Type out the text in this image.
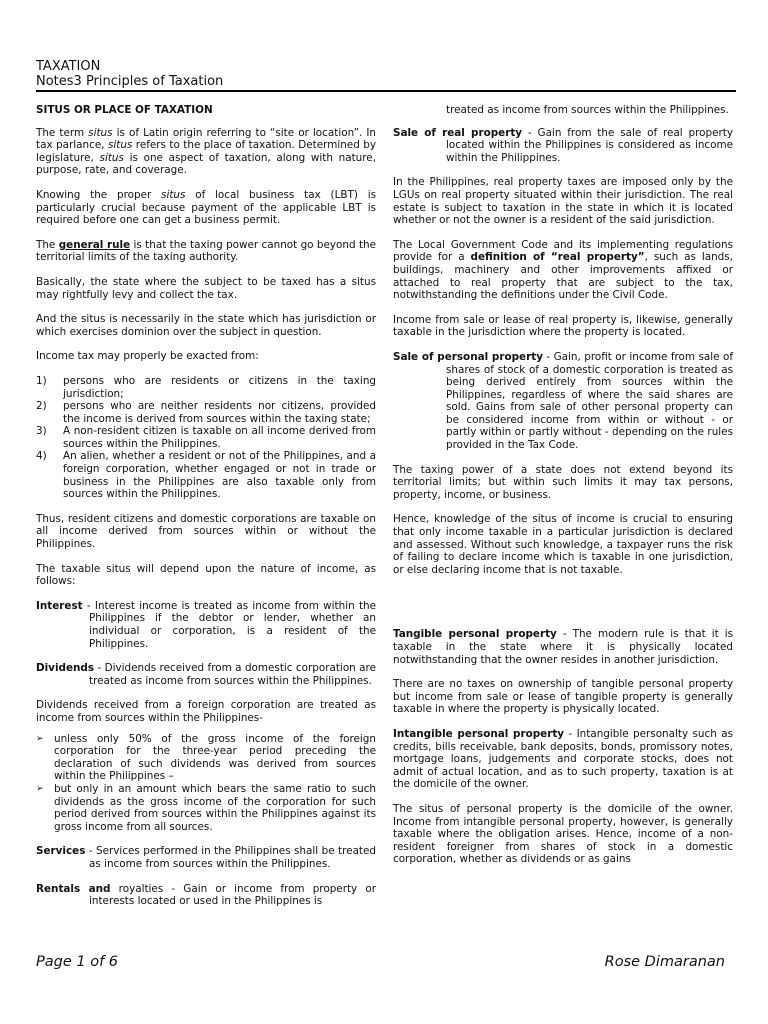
TAXATION
Notes3 Principles of Taxation

SITUS OR PLACE OF TAXATION

The term situs is of Latin origin referring to “site or location”. In tax parlance, situs refers to the place of taxation. Determined by legislature, situs is one aspect of taxation, along with nature, purpose, rate, and coverage.

Knowing the proper situs of local business tax (LBT) is particularly crucial because payment of the applicable LBT is required before one can get a business permit.

The general rule is that the taxing power cannot go beyond the territorial limits of the taxing authority.

Basically, the state where the subject to be taxed has a situs may rightfully levy and collect the tax.

And the situs is necessarily in the state which has jurisdiction or which exercises dominion over the subject in question.

Income tax may properly be exacted from:

1)	persons who are residents or citizens in the taxing jurisdiction;
2)	persons who are neither residents nor citizens, provided the income is derived from sources within the taxing state;
3)	A non-resident citizen is taxable on all income derived from sources within the Philippines.
4)	An alien, whether a resident or not of the Philippines, and a foreign corporation, whether engaged or not in trade or business in the Philippines are also taxable only from sources within the Philippines.

Thus, resident citizens and domestic corporations are taxable on all income derived from sources within or without the Philippines.

The taxable situs will depend upon the nature of income, as follows:

Interest - Interest income is treated as income from within the Philippines if the debtor or lender, whether an individual or corporation, is a resident of the Philippines.

Dividends - Dividends received from a domestic corporation are treated as income from sources within the Philippines.

Dividends received from a foreign corporation are treated as income from sources within the Philippines-

➢	unless only 50% of the gross income of the foreign corporation for the three-year period preceding the declaration of such dividends was derived from sources within the Philippines –
➢	but only in an amount which bears the same ratio to such dividends as the gross income of the corporation for such period derived from sources within the Philippines against its gross income from all sources.

Services - Services performed in the Philippines shall be treated as income from sources within the Philippines.

Rentals and royalties - Gain or income from property or interests located or used in the Philippines is

treated as income from sources within the Philippines.

Sale of real property - Gain from the sale of real property located within the Philippines is considered as income within the Philippines.

In the Philippines, real property taxes are imposed only by the LGUs on real property situated within their jurisdiction. The real estate is subject to taxation in the state in which it is located whether or not the owner is a resident of the said jurisdiction.

The Local Government Code and its implementing regulations provide for a definition of “real property”, such as lands, buildings, machinery and other improvements affixed or attached to real property that are subject to the tax, notwithstanding the definitions under the Civil Code.

Income from sale or lease of real property is, likewise, generally taxable in the jurisdiction where the property is located.

Sale of personal property - Gain, profit or income from sale of shares of stock of a domestic corporation is treated as being derived entirely from sources within the Philippines, regardless of where the said shares are sold. Gains from sale of other personal property can be considered income from within or without - or partly within or partly without - depending on the rules provided in the Tax Code.

The taxing power of a state does not extend beyond its territorial limits; but within such limits it may tax persons, property, income, or business.

Hence, knowledge of the situs of income is crucial to ensuring that only income taxable in a particular jurisdiction is declared and assessed. Without such knowledge, a taxpayer runs the risk of failing to declare income which is taxable in one jurisdiction, or else declaring income that is not taxable.

Tangible personal property - The modern rule is that it is taxable in the state where it is physically located notwithstanding that the owner resides in another jurisdiction.

There are no taxes on ownership of tangible personal property but income from sale or lease of tangible property is generally taxable in where the property is physically located.

Intangible personal property - Intangible personalty such as credits, bills receivable, bank deposits, bonds, promissory notes, mortgage loans, judgements and corporate stocks, does not admit of actual location, and as to such property, taxation is at the domicile of the owner.

The situs of personal property is the domicile of the owner. Income from intangible personal property, however, is generally taxable where the obligation arises. Hence, income of a non-resident foreigner from shares of stock in a domestic corporation, whether as dividends or as gains

Page 1 of 6	Rose Dimaranan
